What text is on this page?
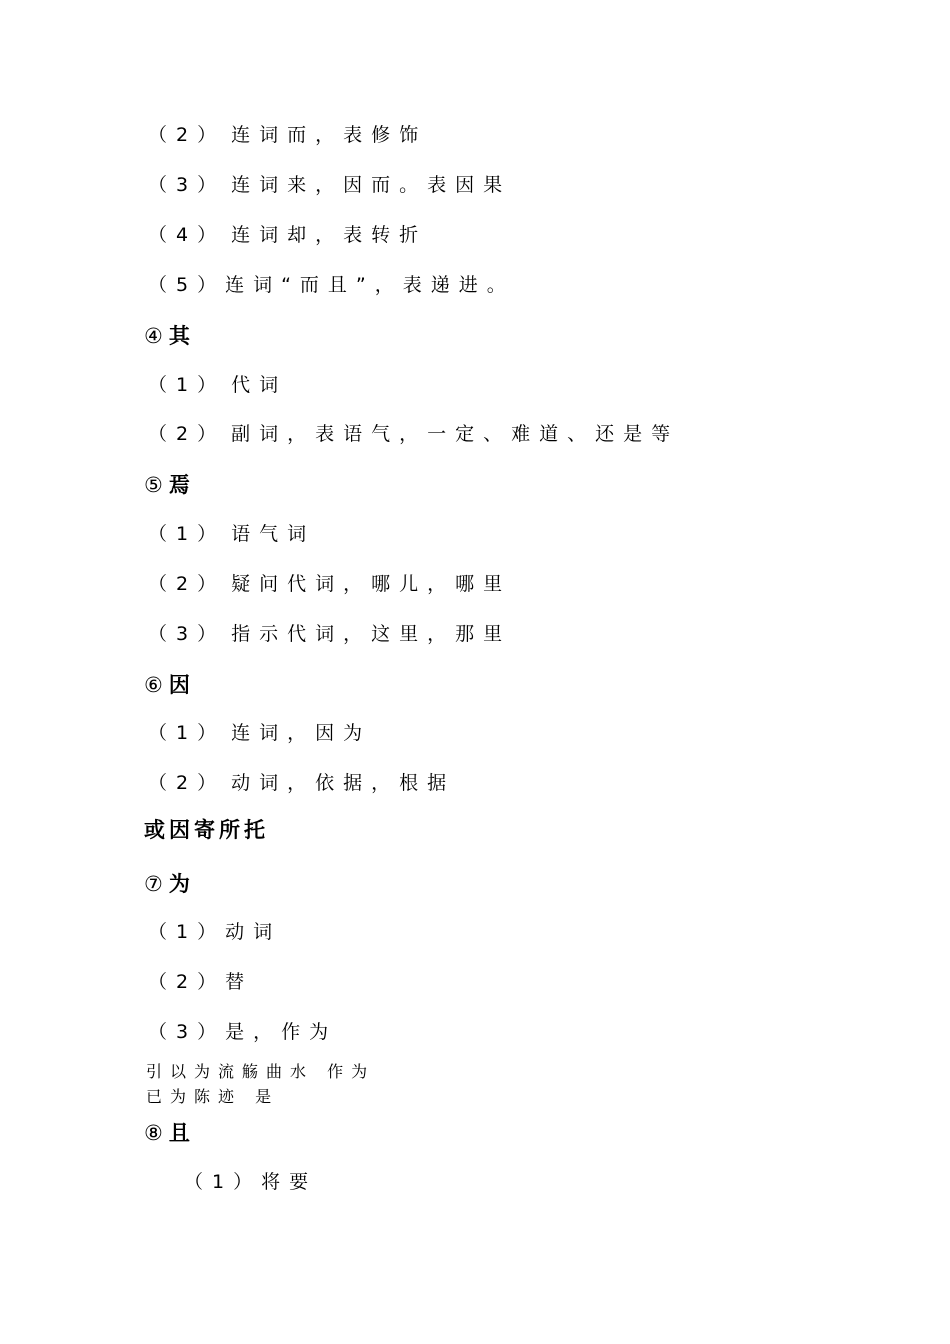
（2） 连词而，表修饰
（3） 连词来，因而。表因果
（4） 连词却，表转折
（5）连词“而且”，表递进。
④其
（1） 代词
（2） 副词，表语气，一定、难道、还是等
⑤焉
（1） 语气词
（2） 疑问代词，哪儿，哪里
（3） 指示代词，这里，那里
⑥因
（1） 连词，因为
（2） 动词，依据，根据
或因寄所托
⑦为
（1）动词
（2）替
（3）是，作为
引以为流觞曲水 作为
已为陈迹 是
⑧且
（1）将要
